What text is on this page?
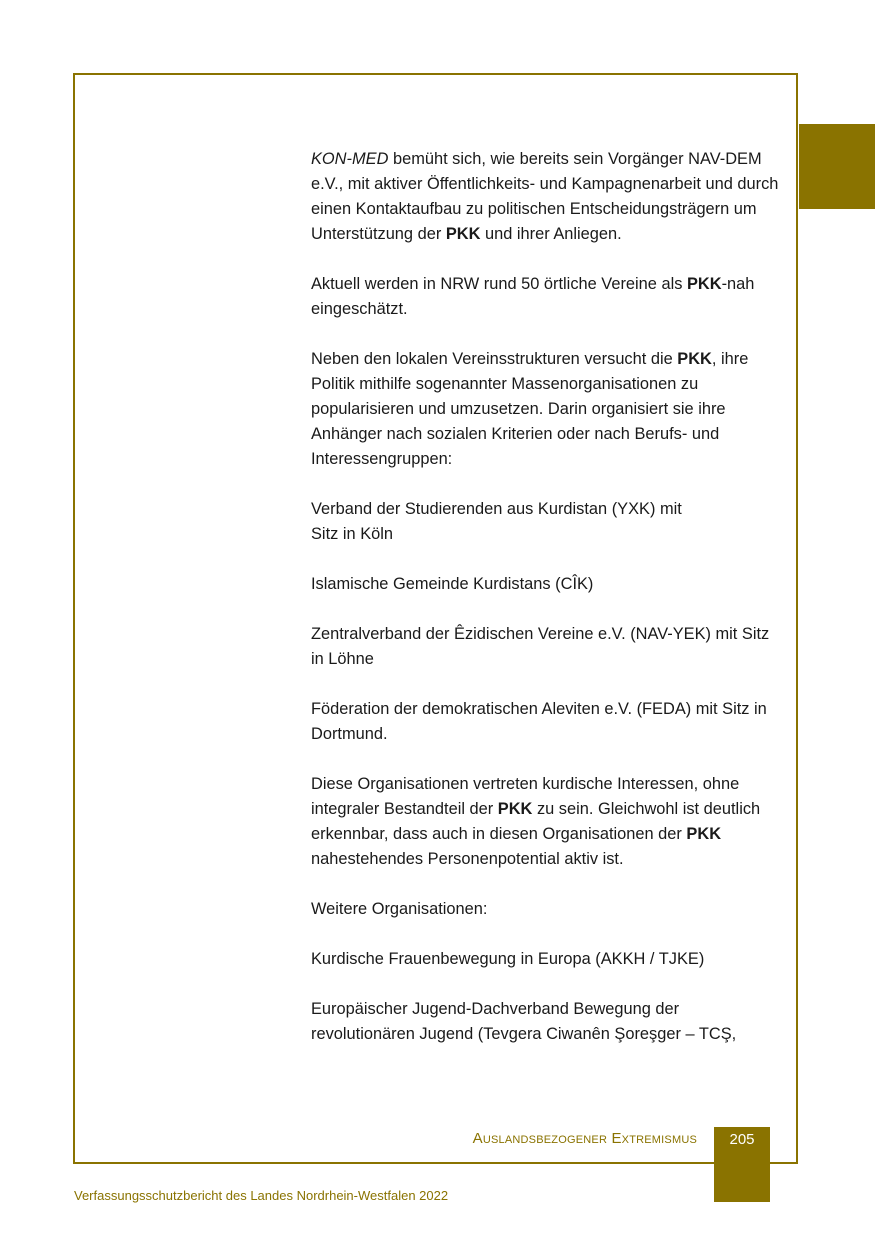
KON-MED bemüht sich, wie bereits sein Vorgänger NAV-DEM e.V., mit aktiver Öffentlichkeits- und Kampagnenarbeit und durch einen Kontaktaufbau zu politischen Entscheidungsträgern um Unterstützung der PKK und ihrer Anliegen.

Aktuell werden in NRW rund 50 örtliche Vereine als PKK-nah eingeschätzt.

Neben den lokalen Vereinsstrukturen versucht die PKK, ihre Politik mithilfe sogenannter Massenorganisationen zu popularisieren und umzusetzen. Darin organisiert sie ihre Anhänger nach sozialen Kriterien oder nach Berufs- und Interessengruppen:

Verband der Studierenden aus Kurdistan (YXK) mit

Sitz in Köln

Islamische Gemeinde Kurdistans (CÎK)

Zentralverband der Êzidischen Vereine e.V. (NAV-YEK) mit Sitz in Löhne

Föderation der demokratischen Aleviten e.V. (FEDA) mit Sitz in Dortmund.

Diese Organisationen vertreten kurdische Interessen, ohne integraler Bestandteil der PKK zu sein. Gleichwohl ist deutlich erkennbar, dass auch in diesen Organisationen der PKK nahestehendes Personenpotential aktiv ist.

Weitere Organisationen:

Kurdische Frauenbewegung in Europa (AKKH / TJKE)

Europäischer Jugend-Dachverband Bewegung der revolutionären Jugend (Tevgera Ciwanên Şoreşger – TCŞ,

Auslandsbezogener Extremismus	205
Verfassungsschutzbericht des Landes Nordrhein-Westfalen 2022
